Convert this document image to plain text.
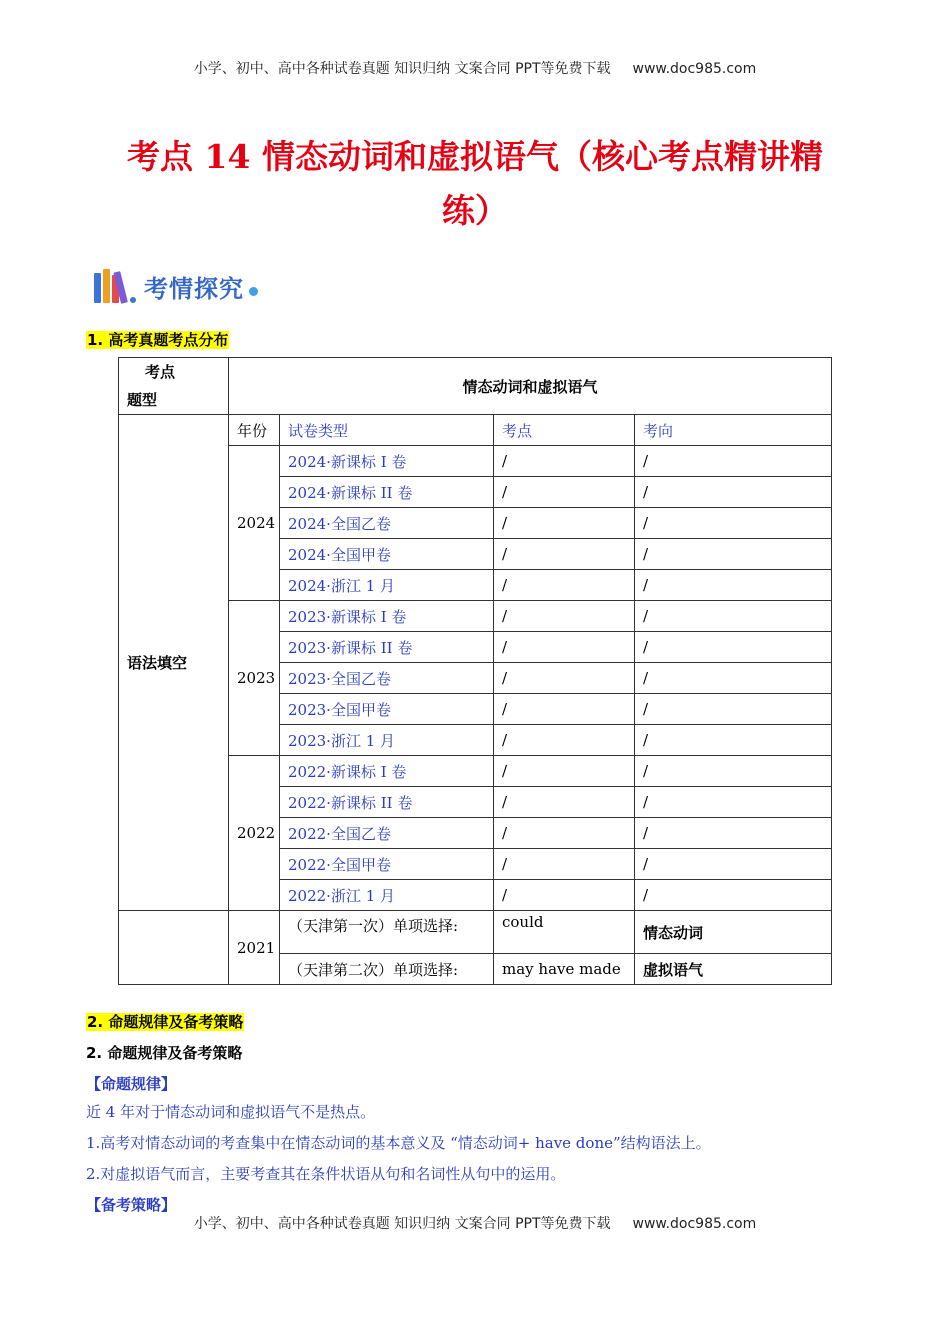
小学、初中、高中各种试卷真题 知识归纳 文案合同 PPT等免费下载 www.doc985.com
考点 14 情态动词和虚拟语气（核心考点精讲精
练）
考情探究
1. 高考真题考点分布
考点
题型	情态动词和虚拟语气			
语法填空	年份	试卷类型	考点	考向
	2024	2024·新课标 I 卷	/	/
		2024·新课标 II 卷	/	/
		2024·全国乙卷	/	/
		2024·全国甲卷	/	/
		2024·浙江 1 月	/	/
	2023	2023·新课标 I 卷	/	/
		2023·新课标 II 卷	/	/
		2023·全国乙卷	/	/
		2023·全国甲卷	/	/
		2023·浙江 1 月	/	/
	2022	2022·新课标 I 卷	/	/
		2022·新课标 II 卷	/	/
		2022·全国乙卷	/	/
		2022·全国甲卷	/	/
		2022·浙江 1 月	/	/
	2021	（天津第一次）单项选择:	could	情态动词
		（天津第二次）单项选择:	may have made	虚拟语气
2. 命题规律及备考策略
2. 命题规律及备考策略
【命题规律】
近 4 年对于情态动词和虚拟语气不是热点。
1.高考对情态动词的考查集中在情态动词的基本意义及 “情态动词+ have done”结构语法上。
2.对虚拟语气而言，主要考查其在条件状语从句和名词性从句中的运用。
【备考策略】
小学、初中、高中各种试卷真题 知识归纳 文案合同 PPT等免费下载 www.doc985.com
